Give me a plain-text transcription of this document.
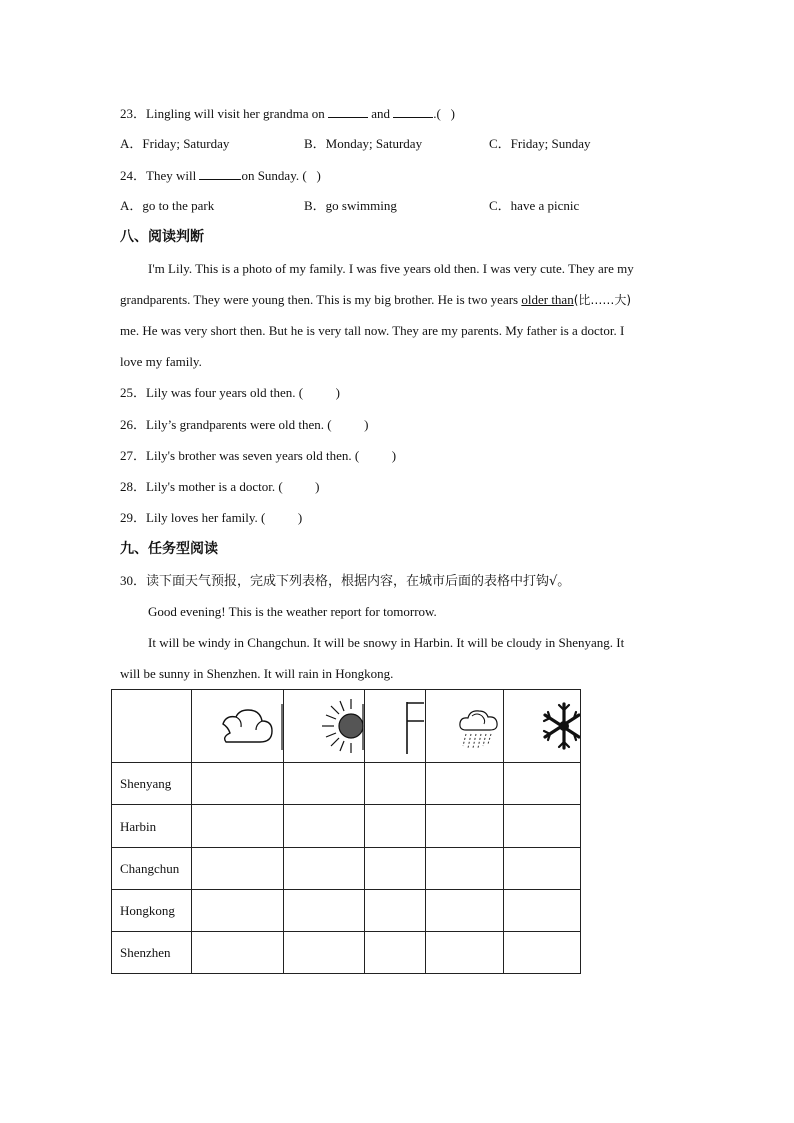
23．Lingling will visit her grandma on	and	.( )
A．Friday; Saturday	B．Monday; Saturday	C．Friday; Sunday
24．They will	on Sunday. ( )
A．go to the park	B．go swimming	C．have a picnic
八、阅读判断
I'm Lily. This is a photo of my family. I was five years old then. I was very cute. They are my
grandparents. They were young then. This is my big brother. He is two years older than(比……大)
me. He was very short then. But he is very tall now. They are my parents. My father is a doctor. I
love my family.
25．Lily was four years old then. (	)
26．Lily’s grandparents were old then. (	)
27．Lily's brother was seven years old then. (	)
28．Lily's mother is a doctor. (	)
29．Lily loves her family. (	)
九、任务型阅读
30．读下面天气预报，完成下列表格，根据内容，在城市后面的表格中打钩√。
Good evening! This is the weather report for tomorrow.
It will be windy in Changchun. It will be snowy in Harbin. It will be cloudy in Shenyang. It
will be sunny in Shenzhen. It will rain in Hongkong.

Shenyang					
Harbin					
Changchun					
Hongkong					
Shenzhen					
